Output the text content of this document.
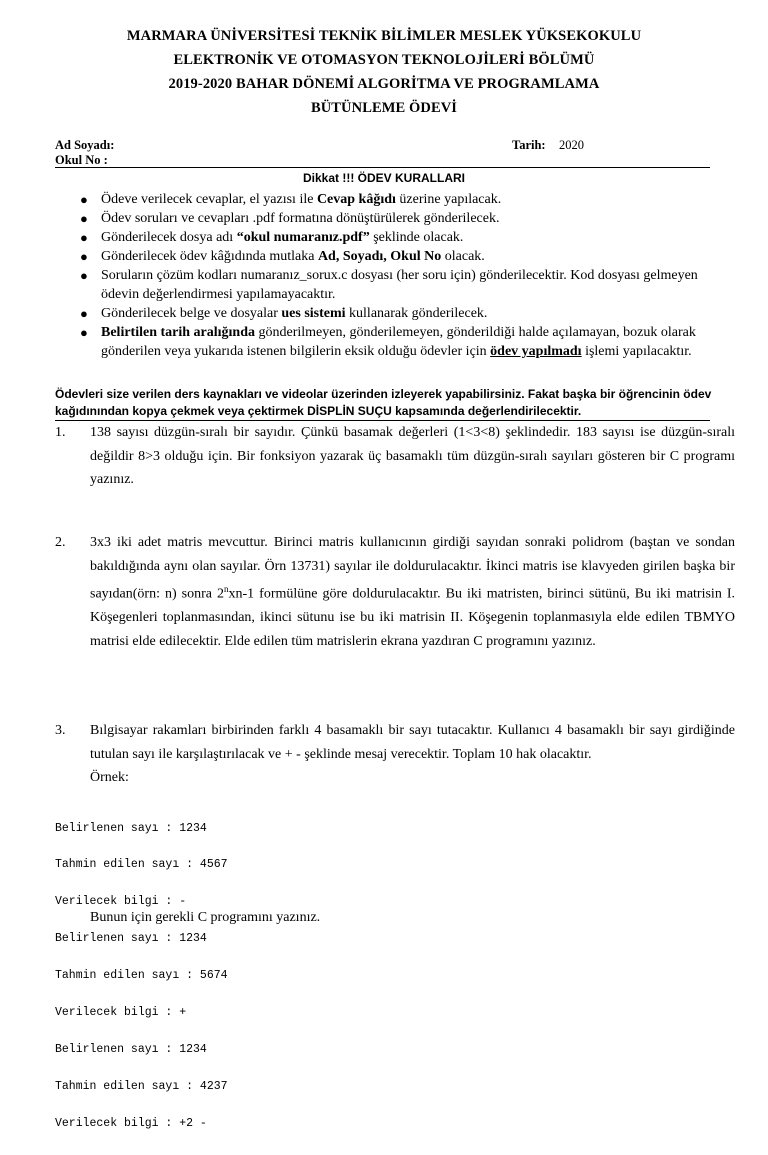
MARMARA ÜNİVERSİTESİ TEKNİK BİLİMLER MESLEK YÜKSEKOKULU
ELEKTRONİK VE OTOMASYON TEKNOLOJİLERİ BÖLÜMÜ
2019-2020 BAHAR DÖNEMİ ALGORİTMA VE PROGRAMLAMA
BÜTÜNLEME ÖDEVİ
Ad Soyadı:
Okul No :
Tarih: 2020
Dikkat !!! ÖDEV KURALLARI
● Ödeve verilecek cevaplar, el yazısı ile Cevap kâğıdı üzerine yapılacak.
● Ödev soruları ve cevapları .pdf formatına dönüştürülerek gönderilecek.
● Gönderilecek dosya adı “okul numaranız.pdf” şeklinde olacak.
● Gönderilecek ödev kâğıdında mutlaka Ad, Soyadı, Okul No olacak.
● Soruların çözüm kodları numaranız_sorux.c dosyası (her soru için) gönderilecektir. Kod dosyası gelmeyen ödevin değerlendirmesi yapılamayacaktır.
● Gönderilecek belge ve dosyalar ues sistemi kullanarak gönderilecek.
● Belirtilen tarih aralığında gönderilmeyen, gönderilemeyen, gönderildiği halde açılamayan, bozuk olarak gönderilen veya yukarıda istenen bilgilerin eksik olduğu ödevler için ödev yapılmadı işlemi yapılacaktır.
Ödevleri size verilen ders kaynakları ve videolar üzerinden izleyerek yapabilirsiniz. Fakat başka bir öğrencinin ödev kağıdınından kopya çekmek veya çektirmek DİSPLİN SUÇU kapsamında değerlendirilecektir.
1. 138 sayısı düzgün-sıralı bir sayıdır. Çünkü basamak değerleri (1<3<8) şeklindedir. 183 sayısı ise düzgün-sıralı değildir 8>3 olduğu için. Bir fonksiyon yazarak üç basamaklı tüm düzgün-sıralı sayıları gösteren bir C programı yazınız.
2. 3x3 iki adet matris mevcuttur. Birinci matris kullanıcının girdiği sayıdan sonraki polidrom (baştan ve sondan bakıldığında aynı olan sayılar. Örn 13731) sayılar ile doldurulacaktır. İkinci matris ise klavyeden girilen başka bir sayıdan(örn: n) sonra 2$^n$xn-1 formülüne göre doldurulacaktır. Bu iki matristen, birinci sütünü, Bu iki matrisin I. Köşegenleri toplanmasından, ikinci sütunu ise bu iki matrisin II. Köşegenin toplanmasıyla elde edilen TBMYO matrisi elde edilecektir. Elde edilen tüm matrislerin ekrana yazdıran C programını yazınız.
3. Bılgisayar rakamları birbirinden farklı 4 basamaklı bir sayı tutacaktır. Kullanıcı 4 basamaklı bir sayı girdiğinde tutulan sayı ile karşılaştırılacak ve + - şeklinde mesaj verecektir. Toplam 10 hak olacaktır.
Örnek:

Belirlenen sayı : 1234

Tahmin edilen sayı : 4567

Verilecek bilgi : -

Belirlenen sayı : 1234

Tahmin edilen sayı : 5674

Verilecek bilgi : +

Belirlenen sayı : 1234

Tahmin edilen sayı : 4237

Verilecek bilgi : +2 -

Bunun için gerekli C programını yazınız.
